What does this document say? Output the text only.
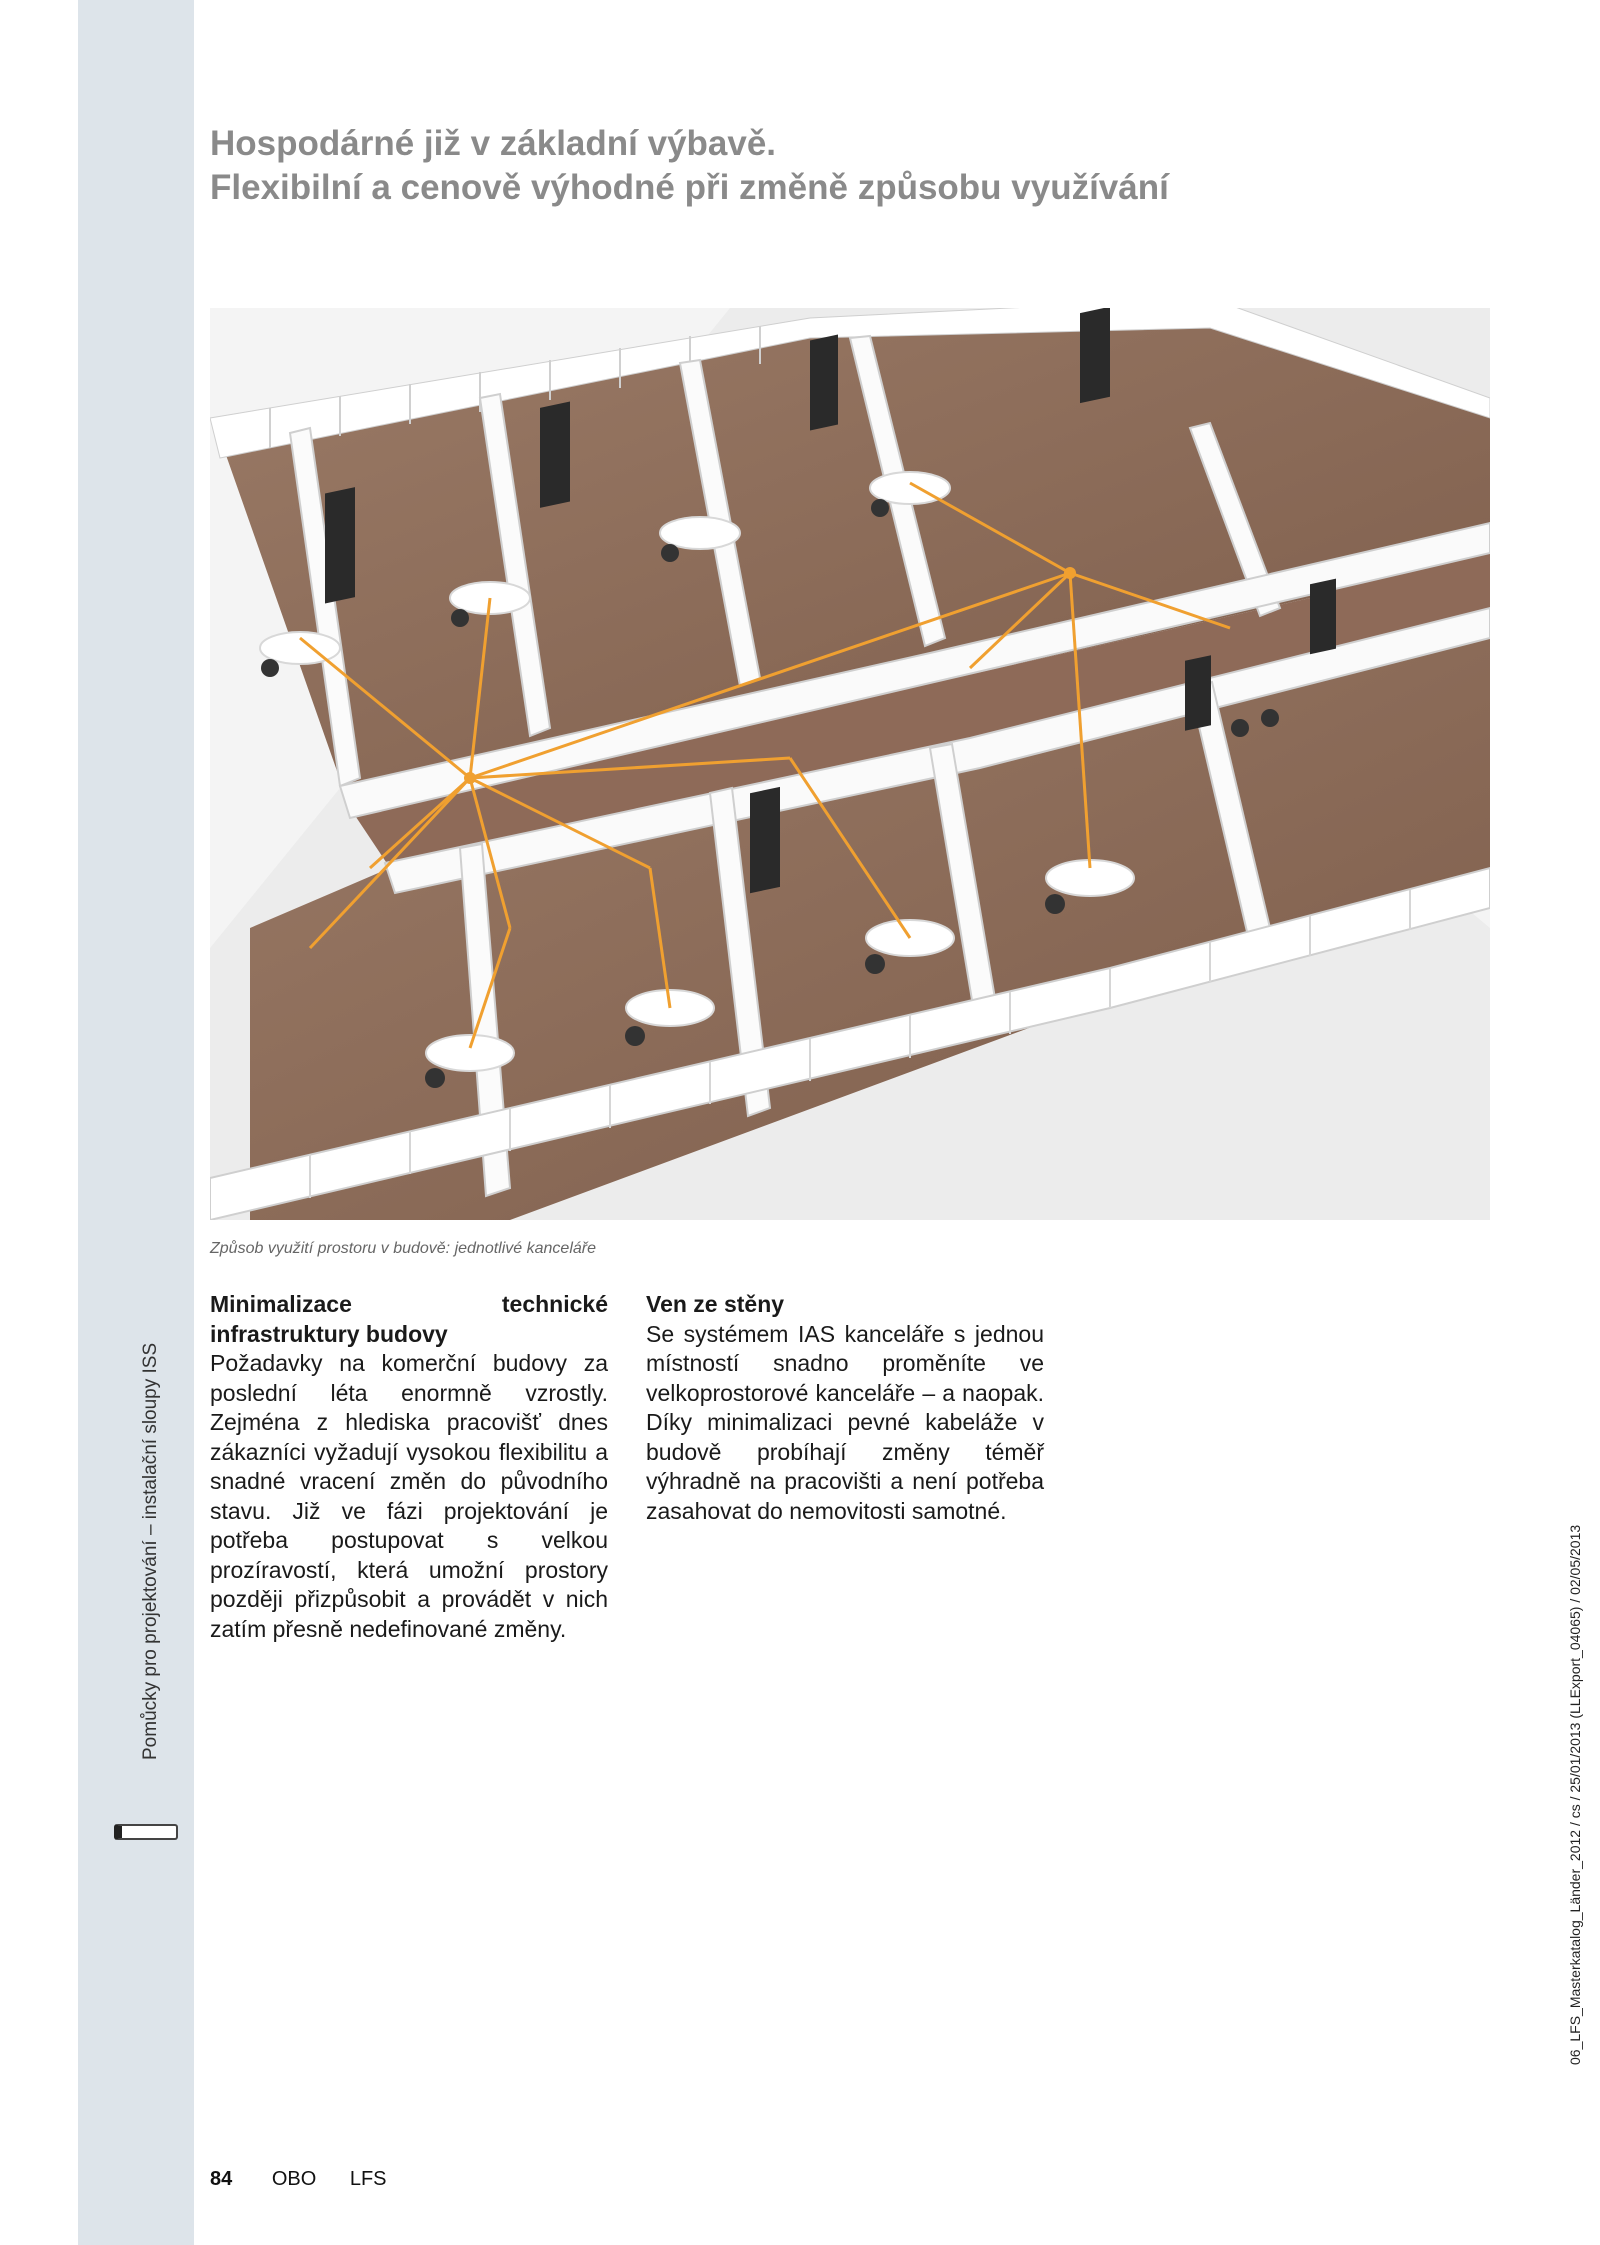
Pomůcky pro projektování – instalační sloupy ISS
Hospodárné již v základní výbavě.
Flexibilní a cenově výhodné při změně způsobu využívání
Způsob využití prostoru v budově: jednotlivé kanceláře
Minimalizace technické infrastruktury budovy

Požadavky na komerční budovy za poslední léta enormně vzrostly. Zejména z hlediska pracovišť dnes zákazníci vyžadují vysokou flexibilitu a snadné vracení změn do původního stavu. Již ve fázi projektování je potřeba postupovat s velkou prozíravostí, která umožní prostory později přizpůsobit a provádět v nich zatím přesně nedefinované změny.

Ven ze stěny

Se systémem IAS kanceláře s jednou místností snadno proměníte ve velkoprostorové kanceláře – a naopak. Díky minimalizaci pevné kabeláže v budově probíhají změny téměř výhradně na pracovišti a není potřeba zasahovat do nemovitosti samotné.

84 OBO LFS
06_LFS_Masterkatalog_Länder_2012 / cs / 25/01/2013 (LLExport_04065) / 02/05/2013
